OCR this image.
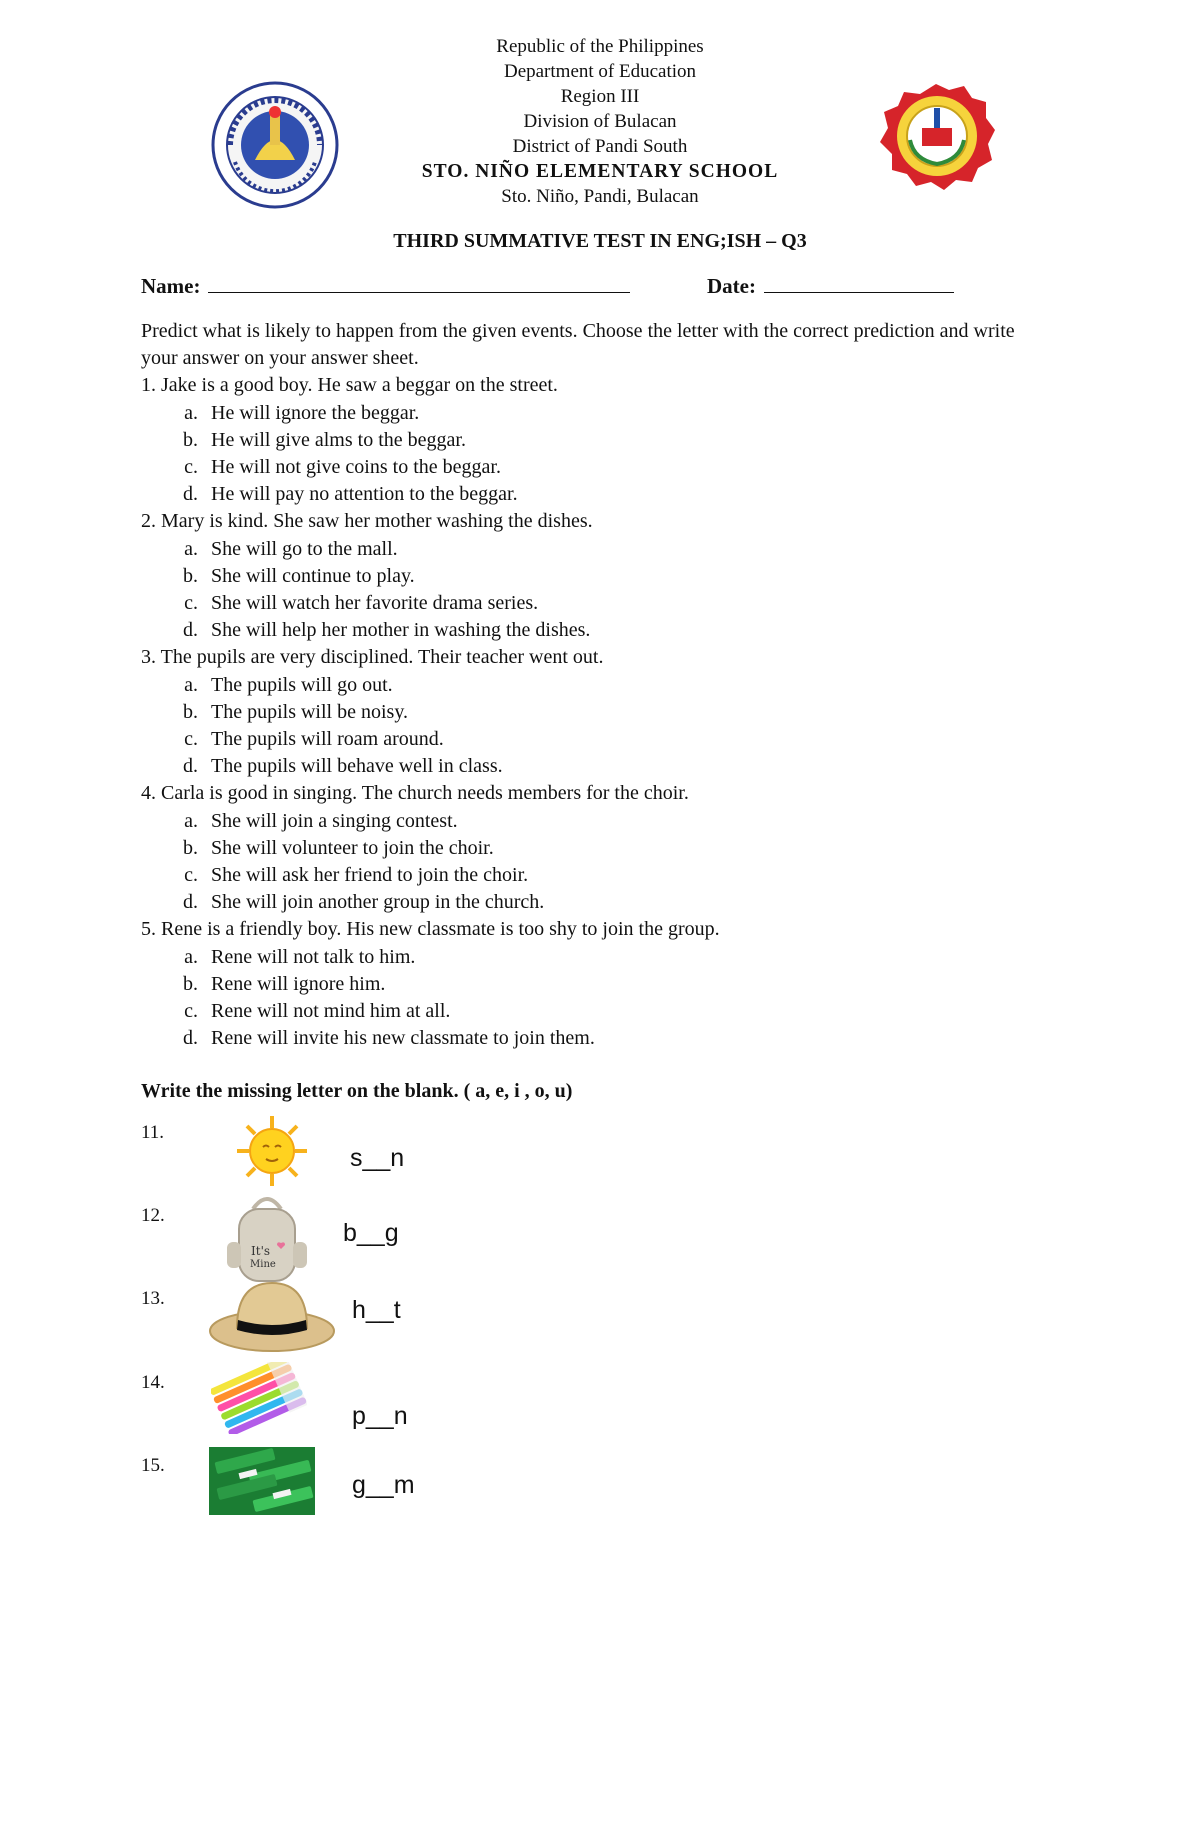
Republic of the Philippines
Department of Education
Region III
Division of Bulacan
District of Pandi South
STO. NIÑO ELEMENTARY SCHOOL
Sto. Niño, Pandi, Bulacan
THIRD SUMMATIVE TEST IN ENG;ISH – Q3
Name:	Date:

Predict what is likely to happen from the given events. Choose the letter with the correct prediction and write your answer on your answer sheet.

1. Jake is a good boy. He saw a beggar on the street.

a. He will ignore the beggar.
b. He will give alms to the beggar.
c. He will not give coins to the beggar.
d. He will pay no attention to the beggar.

2. Mary is kind. She saw her mother washing the dishes.

a. She will go to the mall.
b. She will continue to play.
c. She will watch her favorite drama series.
d. She will help her mother in washing the dishes.

3. The pupils are very disciplined. Their teacher went out.

a. The pupils will go out.
b. The pupils will be noisy.
c. The pupils will roam around.
d. The pupils will behave well in class.

4. Carla is good in singing. The church needs members for the choir.

a. She will join a singing contest.
b. She will volunteer to join the choir.
c. She will ask her friend to join the choir.
d. She will join another group in the church.

5. Rene is a friendly boy. His new classmate is too shy to join the group.

a. Rene will not talk to him.
b. Rene will ignore him.
c. Rene will not mind him at all.
d. Rene will invite his new classmate to join them.
Write the missing letter on the blank. ( a, e, i , o, u)
11.
s__n
12.
It's
Mine
b__g
13.	h__t
14.
p__n
15.
g__m
